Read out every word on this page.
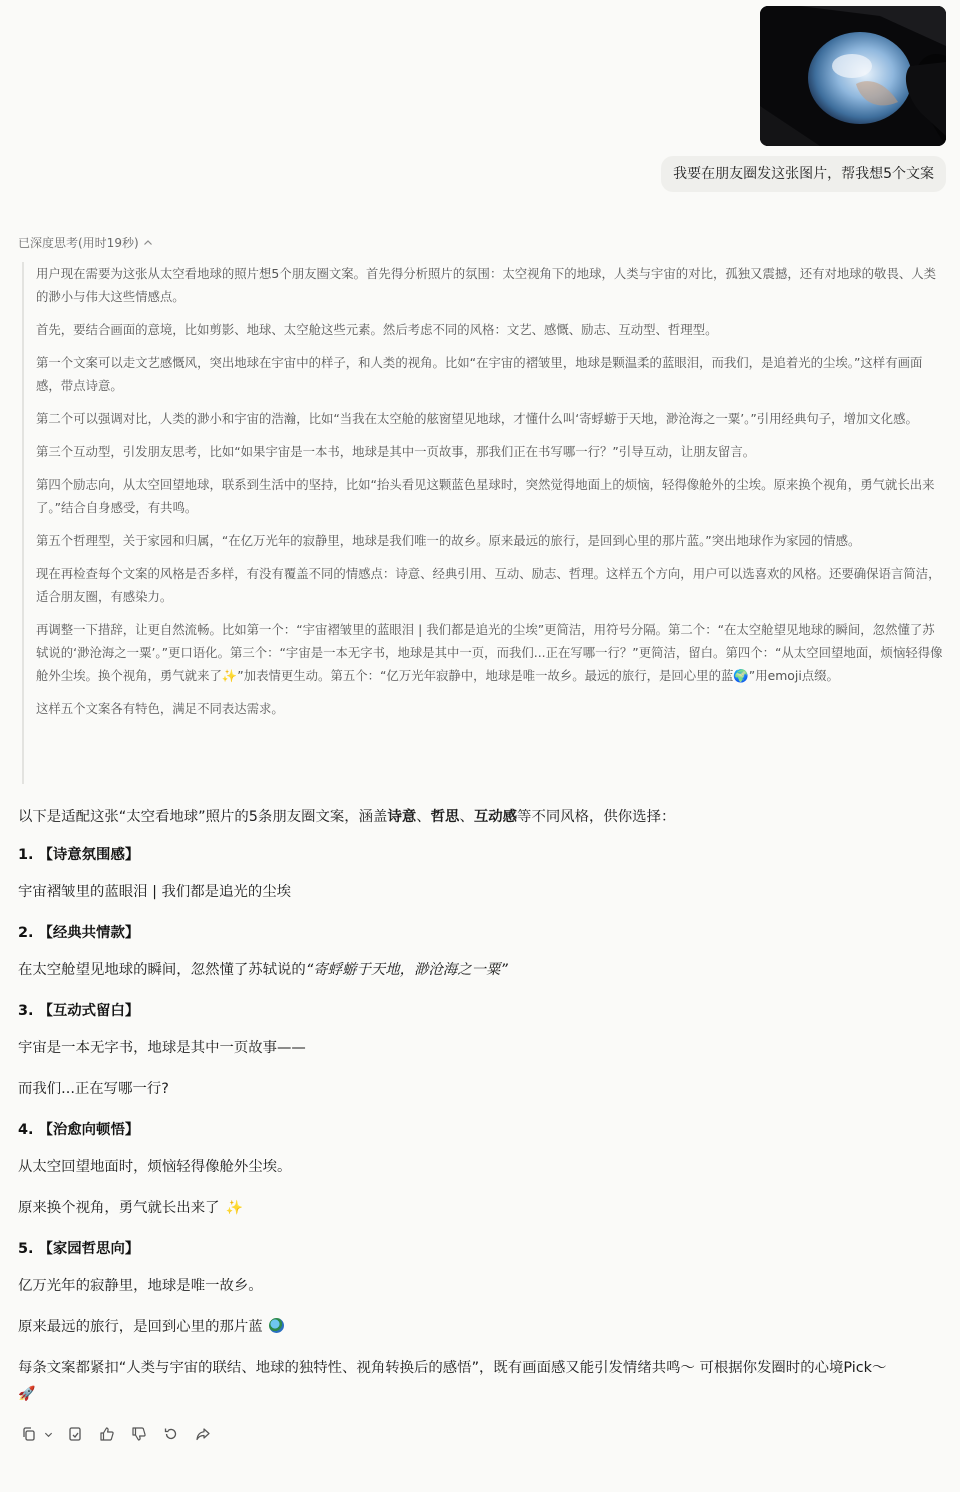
我要在朋友圈发这张图片，帮我想5个文案
已深度思考(用时19秒)

用户现在需要为这张从太空看地球的照片想5个朋友圈文案。首先得分析照片的氛围：太空视角下的地球，人类与宇宙的对比，孤独又震撼，还有对地球的敬畏、人类的渺小与伟大这些情感点。

首先，要结合画面的意境，比如剪影、地球、太空舱这些元素。然后考虑不同的风格：文艺、感慨、励志、互动型、哲理型。

第一个文案可以走文艺感慨风，突出地球在宇宙中的样子，和人类的视角。比如“在宇宙的褶皱里，地球是颗温柔的蓝眼泪，而我们，是追着光的尘埃。”这样有画面感，带点诗意。

第二个可以强调对比，人类的渺小和宇宙的浩瀚，比如“当我在太空舱的舷窗望见地球，才懂什么叫‘寄蜉蝣于天地，渺沧海之一粟’。”引用经典句子，增加文化感。

第三个互动型，引发朋友思考，比如“如果宇宙是一本书，地球是其中一页故事，那我们正在书写哪一行？”引导互动，让朋友留言。

第四个励志向，从太空回望地球，联系到生活中的坚持，比如“抬头看见这颗蓝色星球时，突然觉得地面上的烦恼，轻得像舱外的尘埃。原来换个视角，勇气就长出来了。”结合自身感受，有共鸣。

第五个哲理型，关于家园和归属，“在亿万光年的寂静里，地球是我们唯一的故乡。原来最远的旅行，是回到心里的那片蓝。”突出地球作为家园的情感。

现在再检查每个文案的风格是否多样，有没有覆盖不同的情感点：诗意、经典引用、互动、励志、哲理。这样五个方向，用户可以选喜欢的风格。还要确保语言简洁，适合朋友圈，有感染力。

再调整一下措辞，让更自然流畅。比如第一个：“宇宙褶皱里的蓝眼泪 | 我们都是追光的尘埃”更简洁，用符号分隔。第二个：“在太空舱望见地球的瞬间，忽然懂了苏轼说的‘渺沧海之一粟’。”更口语化。第三个：“宇宙是一本无字书，地球是其中一页，而我们...正在写哪一行？”更简洁，留白。第四个：“从太空回望地面，烦恼轻得像舱外尘埃。换个视角，勇气就来了✨”加表情更生动。第五个：“亿万光年寂静中，地球是唯一故乡。最远的旅行，是回心里的蓝🌍”用emoji点缀。

这样五个文案各有特色，满足不同表达需求。

以下是适配这张“太空看地球”照片的5条朋友圈文案，涵盖诗意、哲思、互动感等不同风格，供你选择：

1. 【诗意氛围感】

宇宙褶皱里的蓝眼泪 | 我们都是追光的尘埃

2. 【经典共情款】

在太空舱望见地球的瞬间，忽然懂了苏轼说的“寄蜉蝣于天地，渺沧海之一粟”

3. 【互动式留白】

宇宙是一本无字书，地球是其中一页故事——

而我们...正在写哪一行?

4. 【治愈向顿悟】

从太空回望地面时，烦恼轻得像舱外尘埃。

原来换个视角，勇气就长出来了 ✨

5. 【家园哲思向】

亿万光年的寂静里，地球是唯一故乡。

原来最远的旅行，是回到心里的那片蓝

每条文案都紧扣“人类与宇宙的联结、地球的独特性、视角转换后的感悟”，既有画面感又能引发情绪共鸣～ 可根据你发圈时的心境Pick～
🚀
